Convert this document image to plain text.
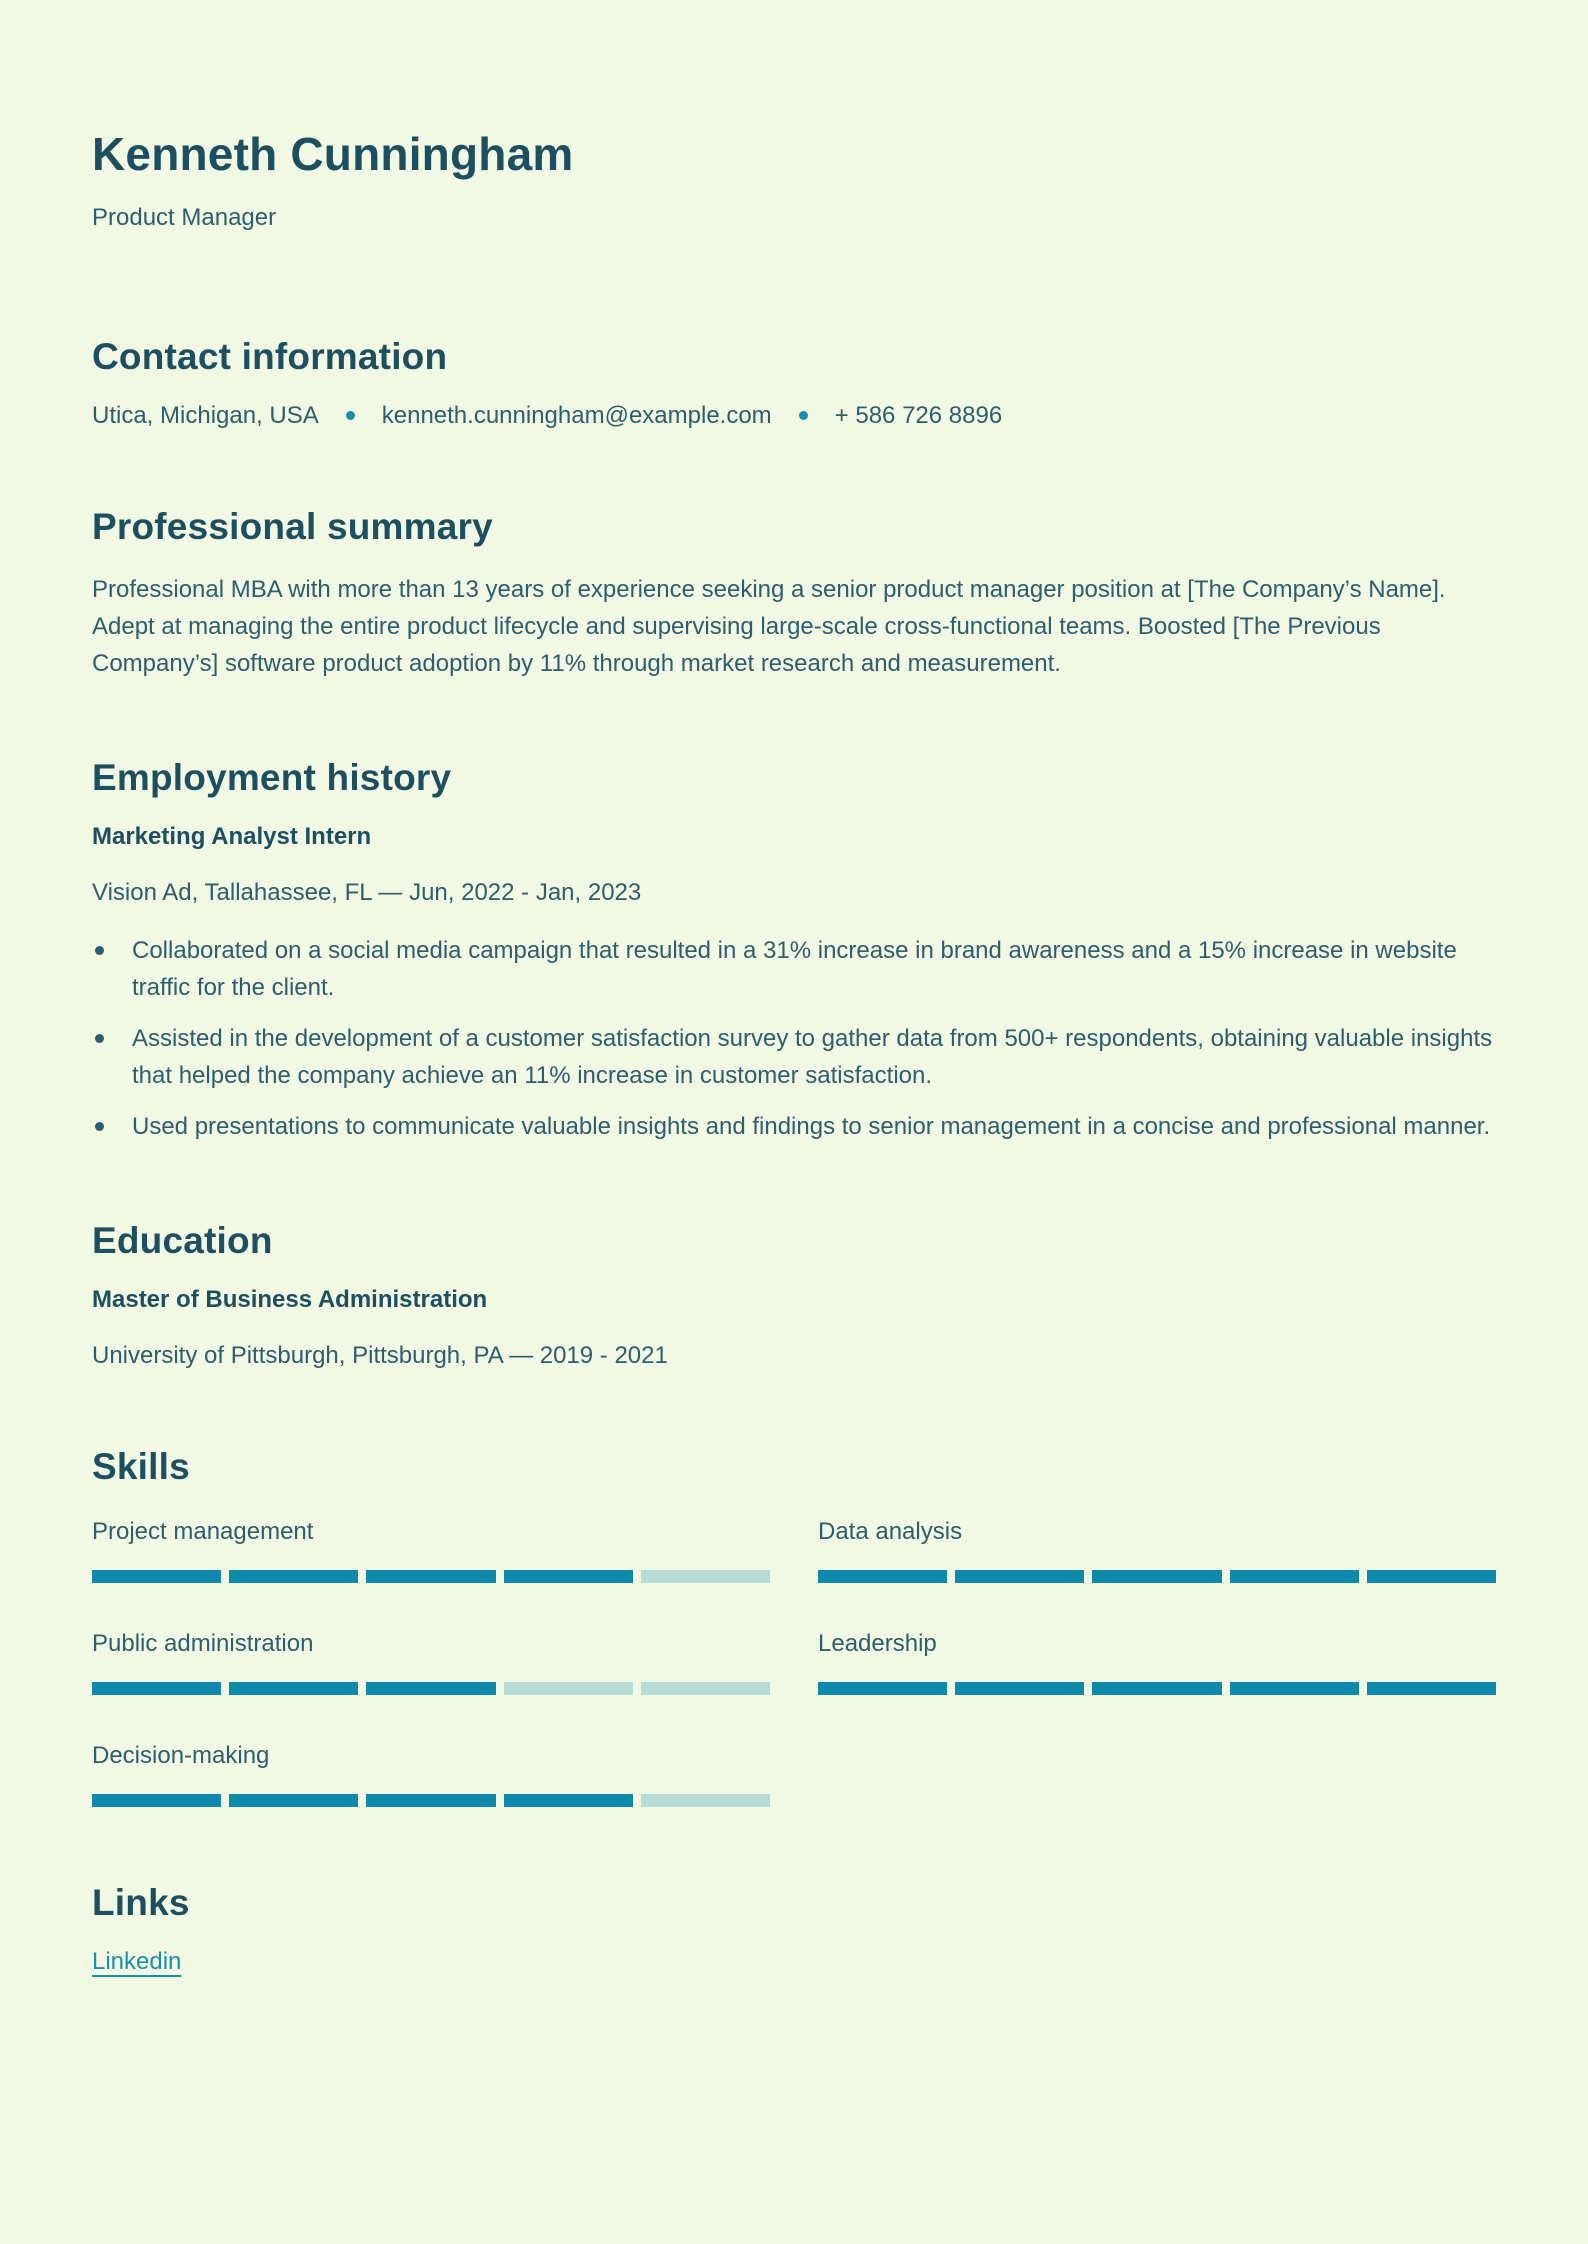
Kenneth Cunningham
Product Manager
Contact information
Utica, Michigan, USA	kenneth.cunningham@example.com	+ 586 726 8896
Professional summary

Professional MBA with more than 13 years of experience seeking a senior product manager position at [The Company’s Name]. Adept at managing the entire product lifecycle and supervising large-scale cross-functional teams. Boosted [The Previous Company’s] software product adoption by 11% through market research and measurement.

Employment history
Marketing Analyst Intern
Vision Ad, Tallahassee, FL — Jun, 2022 - Jan, 2023
Collaborated on a social media campaign that resulted in a 31% increase in brand awareness and a 15% increase in website traffic for the client.
Assisted in the development of a customer satisfaction survey to gather data from 500+ respondents, obtaining valuable insights that helped the company achieve an 11% increase in customer satisfaction.
Used presentations to communicate valuable insights and findings to senior management in a concise and professional manner.
Education
Master of Business Administration
University of Pittsburgh, Pittsburgh, PA — 2019 - 2021
Skills
Project management	Data analysis
Public administration	Leadership
Decision-making
Links
Linkedin
